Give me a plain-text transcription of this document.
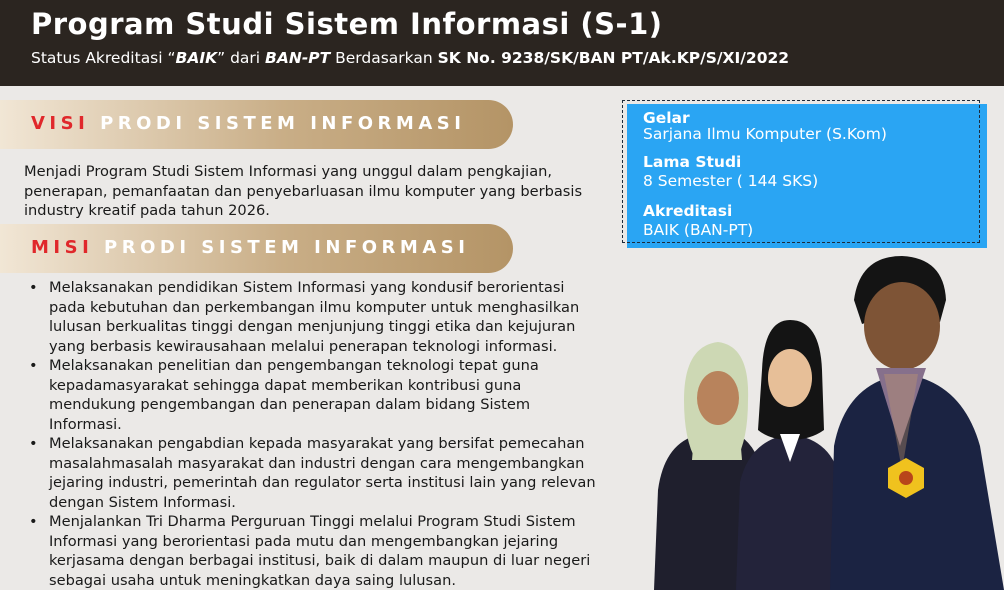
Program Studi Sistem Informasi (S-1)
Status Akreditasi “BAIK” dari BAN-PT Berdasarkan SK No. 9238/SK/BAN PT/Ak.KP/S/XI/2022
VISI PRODI SISTEM INFORMASI

Menjadi Program Studi Sistem Informasi yang unggul dalam pengkajian, penerapan, pemanfaatan dan penyebarluasan ilmu komputer yang berbasis industry kreatif pada tahun 2026.

MISI PRODI SISTEM INFORMASI
• Melaksanakan pendidikan Sistem Informasi yang kondusif berorientasi pada kebutuhan dan perkembangan ilmu komputer untuk menghasilkan lulusan berkualitas tinggi dengan menjunjung tinggi etika dan kejujuran yang berbasis kewirausahaan melalui penerapan teknologi informasi.
• Melaksanakan penelitian dan pengembangan teknologi tepat guna kepadamasyarakat sehingga dapat memberikan kontribusi guna mendukung pengembangan dan penerapan dalam bidang Sistem Informasi.
• Melaksanakan pengabdian kepada masyarakat yang bersifat pemecahan masalahmasalah masyarakat dan industri dengan cara mengembangkan jejaring industri, pemerintah dan regulator serta institusi lain yang relevan dengan Sistem Informasi.
• Menjalankan Tri Dharma Perguruan Tinggi melalui Program Studi Sistem Informasi yang berorientasi pada mutu dan mengembangkan jejaring kerjasama dengan berbagai institusi, baik di dalam maupun di luar negeri sebagai usaha untuk meningkatkan daya saing lulusan.
Gelar
Sarjana Ilmu Komputer (S.Kom)
Lama Studi
8 Semester ( 144 SKS)
Akreditasi
BAIK (BAN-PT)
